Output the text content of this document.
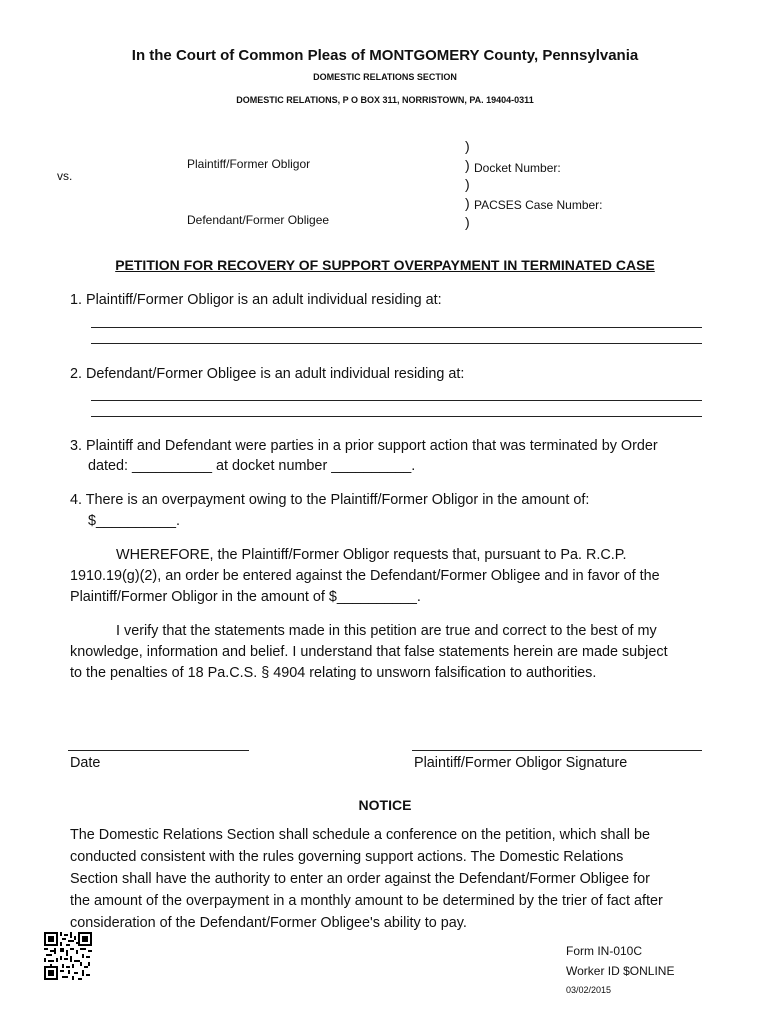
In the Court of Common Pleas of MONTGOMERY County, Pennsylvania
DOMESTIC RELATIONS SECTION
DOMESTIC RELATIONS, P O BOX 311, NORRISTOWN, PA. 19404-0311
Plaintiff/Former Obligor
vs.
Defendant/Former Obligee
)
)
)
)
)
Docket Number:
PACSES Case Number:
PETITION FOR RECOVERY OF SUPPORT OVERPAYMENT IN TERMINATED CASE
1. Plaintiff/Former Obligor is an adult individual residing at:
2. Defendant/Former Obligee is an adult individual residing at:
3. Plaintiff and Defendant were parties in a prior support action that was terminated by Order
dated: __________ at docket number __________.
4. There is an overpayment owing to the Plaintiff/Former Obligor in the amount of:
$__________.
WHEREFORE, the Plaintiff/Former Obligor requests that, pursuant to Pa. R.C.P.
1910.19(g)(2), an order be entered against the Defendant/Former Obligee and in favor of the
Plaintiff/Former Obligor in the amount of $__________.
I verify that the statements made in this petition are true and correct to the best of my
knowledge, information and belief. I understand that false statements herein are made subject
to the penalties of 18 Pa.C.S. § 4904 relating to unsworn falsification to authorities.
Date	Plaintiff/Former Obligor Signature
NOTICE
The Domestic Relations Section shall schedule a conference on the petition, which shall be
conducted consistent with the rules governing support actions. The Domestic Relations
Section shall have the authority to enter an order against the Defendant/Former Obligee for
the amount of the overpayment in a monthly amount to be determined by the trier of fact after
consideration of the Defendant/Former Obligee's ability to pay.
Form IN-010C
Worker ID $ONLINE
03/02/2015
